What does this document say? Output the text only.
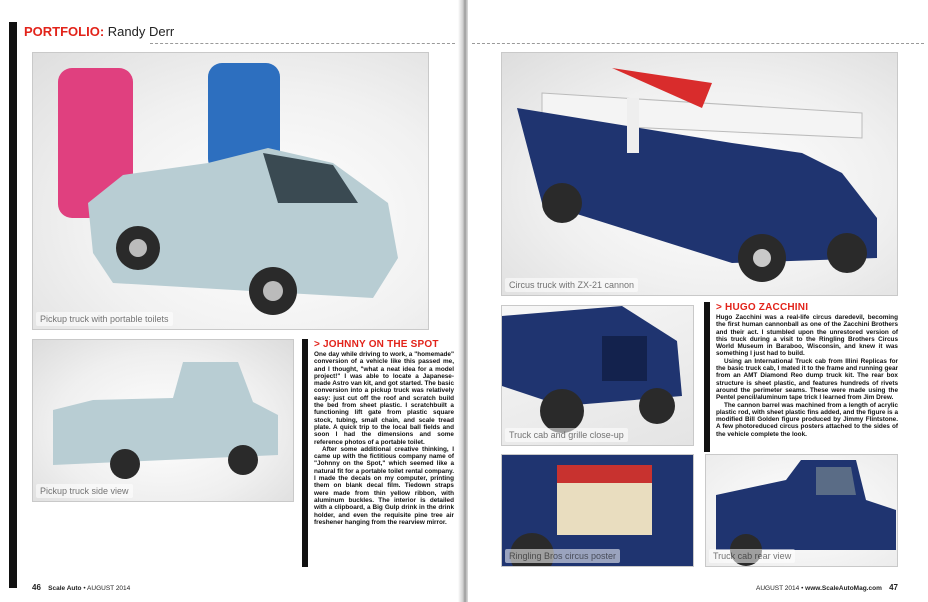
PORTFOLIO: Randy Derr
Pickup truck with portable toilets
Pickup truck side view
> JOHNNY ON THE SPOT

One day while driving to work, a "homemade" conversion of a vehicle like this passed me, and I thought, "what a neat idea for a model project!" I was able to locate a Japanese-made Astro van kit, and got started. The basic conversion into a pickup truck was relatively easy: just cut off the roof and scratch build the bed from sheet plastic. I scratchbuilt a functioning lift gate from plastic square stock, tubing, small chain, and scale tread plate. A quick trip to the local ball fields and soon I had the dimensions and some reference photos of a portable toilet.

After some additional creative thinking, I came up with the fictitious company name of "Johnny on the Spot," which seemed like a natural fit for a portable toilet rental company. I made the decals on my computer, printing them on blank decal film. Tiedown straps were made from thin yellow ribbon, with aluminum buckles. The interior is detailed with a clipboard, a Big Gulp drink in the drink holder, and even the requisite pine tree air freshener hanging from the rearview mirror.

46 Scale Auto • AUGUST 2014
Circus truck with ZX-21 cannon
Truck cab and grille close-up
Ringling Bros circus poster	Truck cab rear view
> HUGO ZACCHINI

Hugo Zacchini was a real-life circus daredevil, becoming the first human cannonball as one of the Zacchini Brothers and their act. I stumbled upon the unrestored version of this truck during a visit to the Ringling Brothers Circus World Museum in Baraboo, Wisconsin, and knew it was something I just had to build.

Using an International Truck cab from Illini Replicas for the basic truck cab, I mated it to the frame and running gear from an AMT Diamond Reo dump truck kit. The rear box structure is sheet plastic, and features hundreds of rivets around the perimeter seams. These were made using the Pentel pencil/aluminum tape trick I learned from Jim Drew.

The cannon barrel was machined from a length of acrylic plastic rod, with sheet plastic fins added, and the figure is a modified Bill Golden figure produced by Jimmy Flintstone. A few photoreduced circus posters attached to the sides of the vehicle complete the look.

AUGUST 2014 • www.ScaleAutoMag.com 47
